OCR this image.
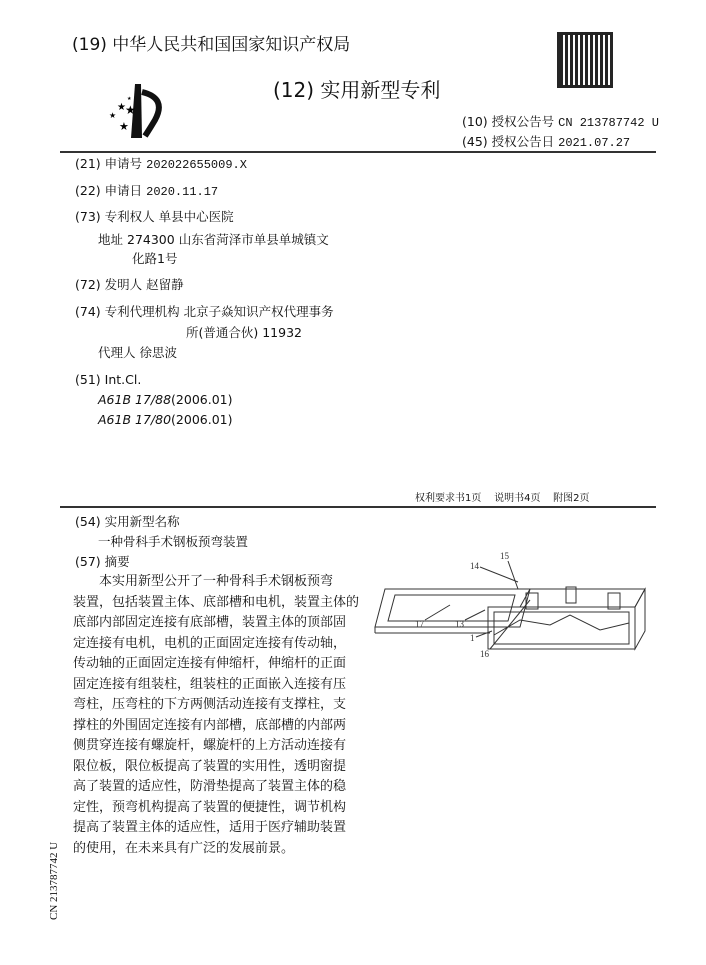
(19) 中华人民共和国国家知识产权局
★ ★
★
★
★	(12) 实用新型专利
(10) 授权公告号 CN 213787742 U
(45) 授权公告日 2021.07.27
(21) 申请号 202022655009.X
(22) 申请日 2020.11.17
(73) 专利权人 单县中心医院
地址 274300 山东省菏泽市单县单城镇文
化路1号
(72) 发明人 赵留静
(74) 专利代理机构 北京子焱知识产权代理事务
所(普通合伙) 11932
代理人 徐思波
(51) Int.Cl.
A61B 17/88(2006.01)
A61B 17/80(2006.01)
权利要求书1页    说明书4页    附图2页
(54) 实用新型名称
一种骨科手术钢板预弯装置
(57) 摘要
　　本实用新型公开了一种骨科手术钢板预弯
装置，包括装置主体、底部槽和电机，装置主体的
底部内部固定连接有底部槽，装置主体的顶部固
定连接有电机，电机的正面固定连接有传动轴，
传动轴的正面固定连接有伸缩杆，伸缩杆的正面
固定连接有组装柱，组装柱的正面嵌入连接有压
弯柱，压弯柱的下方两侧活动连接有支撑柱，支
撑柱的外围固定连接有内部槽，底部槽的内部两
侧贯穿连接有螺旋杆，螺旋杆的上方活动连接有
限位板，限位板提高了装置的实用性，透明窗提
高了装置的适应性，防滑垫提高了装置主体的稳
定性，预弯机构提高了装置的便捷性，调节机构
提高了装置主体的适应性，适用于医疗辅助装置
的使用，在未来具有广泛的发展前景。
14
15
17	13
1
16
CN 213787742 U
